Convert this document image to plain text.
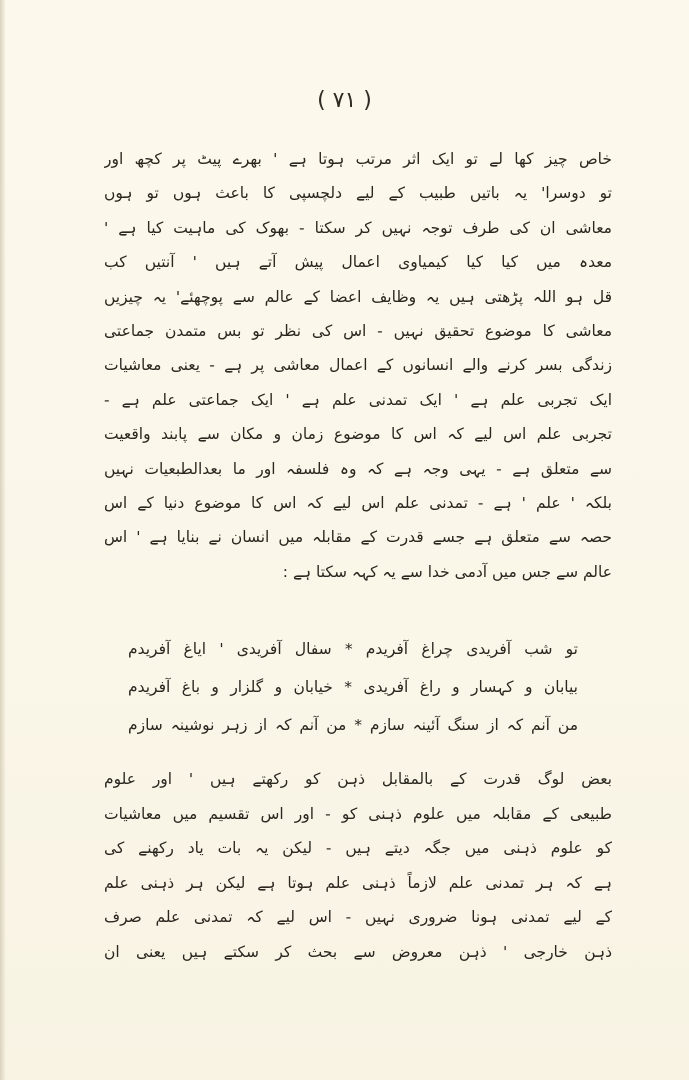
( ۷۱ )
خاص چیز کھا لے تو ایک اثر مرتب ہوتا ہے ' بھرے پیٹ پر کچھ اور
تو دوسرا' یہ باتیں طبیب کے لیے دلچسپی کا باعث ہوں تو ہوں
معاشی ان کی طرف توجہ نہیں کر سکتا - بھوک کی ماہیت کیا ہے '
معدہ میں کیا کیا کیمیاوی اعمال پیش آتے ہیں ' آنتیں کب
قل ہو اللہ پڑھتی ہیں یہ وظایف اعضا کے عالم سے پوچھئے' یہ چیزیں
معاشی کا موضوع تحقیق نہیں - اس کی نظر تو بس متمدن جماعتی
زندگی بسر کرنے والے انسانوں کے اعمال معاشی پر ہے - یعنی معاشیات
ایک تجربی علم ہے ' ایک تمدنی علم ہے ' ایک جماعتی علم ہے -
تجربی علم اس لیے کہ اس کا موضوع زمان و مکان سے پابند واقعیت
سے متعلق ہے - یہی وجہ ہے کہ وہ فلسفہ اور ما بعدالطبعیات نہیں
بلکہ ' علم ' ہے - تمدنی علم اس لیے کہ اس کا موضوع دنیا کے اس
حصہ سے متعلق ہے جسے قدرت کے مقابلہ میں انسان نے بنایا ہے ' اس
عالم سے جس میں آدمی خدا سے یہ کہہ سکتا ہے :
تو شب آفریدی چراغ آفریدم * سفال آفریدی ' ایاغ آفریدم
بیابان و کہسار و راغ آفریدی * خیابان و گلزار و باغ آفریدم
من آنم کہ از سنگ آئینہ سازم * من آنم کہ از زہر نوشینہ سازم
بعض لوگ قدرت کے بالمقابل ذہن کو رکھتے ہیں ' اور علوم
طبیعی کے مقابلہ میں علوم ذہنی کو - اور اس تقسیم میں معاشیات
کو علوم ذہنی میں جگہ دیتے ہیں - لیکن یہ بات یاد رکھنے کی
ہے کہ ہر تمدنی علم لازماً ذہنی علم ہوتا ہے لیکن ہر ذہنی علم
کے لیے تمدنی ہونا ضروری نہیں - اس لیے کہ تمدنی علم صرف
ذہن خارجی ' ذہن معروض سے بحث کر سکتے ہیں یعنی ان
